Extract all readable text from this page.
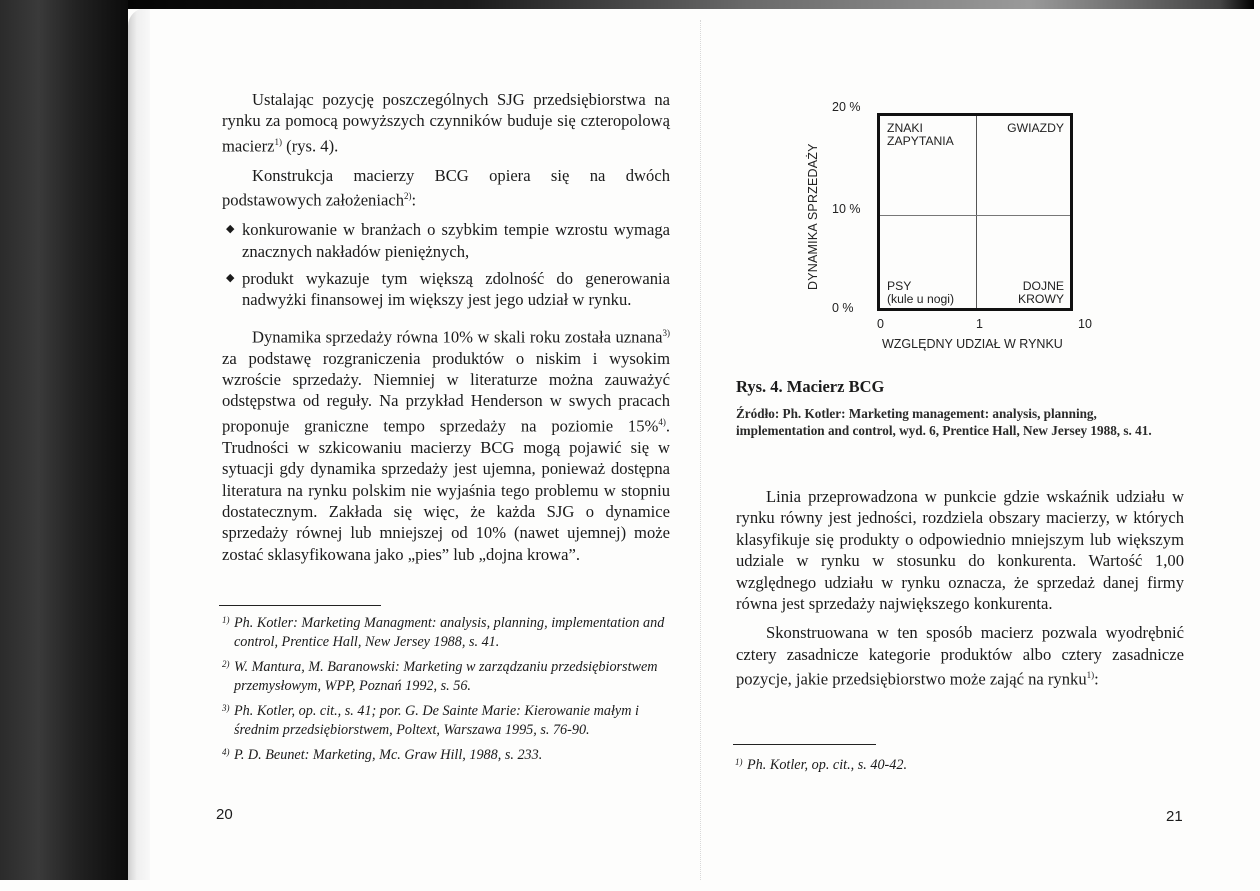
Ustalając pozycję poszczególnych SJG przedsiębiorstwa na rynku za pomocą powyższych czynników buduje się czteropolową macierz$^{1)}$ (rys. 4).

Konstrukcja macierzy BCG opiera się na dwóch podstawowych założeniach$^{2)}$:

◆ konkurowanie w branżach o szybkim tempie wzrostu wymaga znacznych nakładów pieniężnych,
◆ produkt wykazuje tym większą zdolność do generowania nadwyżki finansowej im większy jest jego udział w rynku.

Dynamika sprzedaży równa 10% w skali roku została uznana$^{3)}$ za podstawę rozgraniczenia produktów o niskim i wysokim wzroście sprzedaży. Niemniej w literaturze można zauważyć odstępstwa od reguły. Na przykład Henderson w swych pracach proponuje graniczne tempo sprzedaży na poziomie 15%$^{4)}$. Trudności w szkicowaniu macierzy BCG mogą pojawić się w sytuacji gdy dynamika sprzedaży jest ujemna, ponieważ dostępna literatura na rynku polskim nie wyjaśnia tego problemu w stopniu dostatecznym. Zakłada się więc, że każda SJG o dynamice sprzedaży równej lub mniejszej od 10% (nawet ujemnej) może zostać sklasyfikowana jako „pies” lub „dojna krowa”.

1) Ph. Kotler: Marketing Managment: analysis, planning, implementation and control, Prentice Hall, New Jersey 1988, s. 41.
2) W. Mantura, M. Baranowski: Marketing w zarządzaniu przedsiębiorstwem przemysłowym, WPP, Poznań 1992, s. 56.
3) Ph. Kotler, op. cit., s. 41; por. G. De Sainte Marie: Kierowanie małym i średnim przedsiębiorstwem, Poltext, Warszawa 1995, s. 76-90.
4) P. D. Beunet: Marketing, Mc. Graw Hill, 1988, s. 233.
20
20 %
10 %
0 %
DYNAMIKA SPRZEDAŻY
ZNAKI
ZAPYTANIA
GWIAZDY
PSY
(kule u nogi)
DOJNE
KROWY
0	1	10
WZGLĘDNY UDZIAŁ W RYNKU
Rys. 4. Macierz BCG
Źródło: Ph. Kotler: Marketing management: analysis, planning, implementation and control, wyd. 6, Prentice Hall, New Jersey 1988, s. 41.

Linia przeprowadzona w punkcie gdzie wskaźnik udziału w rynku równy jest jedności, rozdziela obszary macierzy, w których klasyfikuje się produkty o odpowiednio mniejszym lub większym udziale w rynku w stosunku do konkurenta. Wartość 1,00 względnego udziału w rynku oznacza, że sprzedaż danej firmy równa jest sprzedaży największego konkurenta.

Skonstruowana w ten sposób macierz pozwala wyodrębnić cztery zasadnicze kategorie produktów albo cztery zasadnicze pozycje, jakie przedsiębiorstwo może zająć na rynku$^{1)}$:

1) Ph. Kotler, op. cit., s. 40-42.
21
